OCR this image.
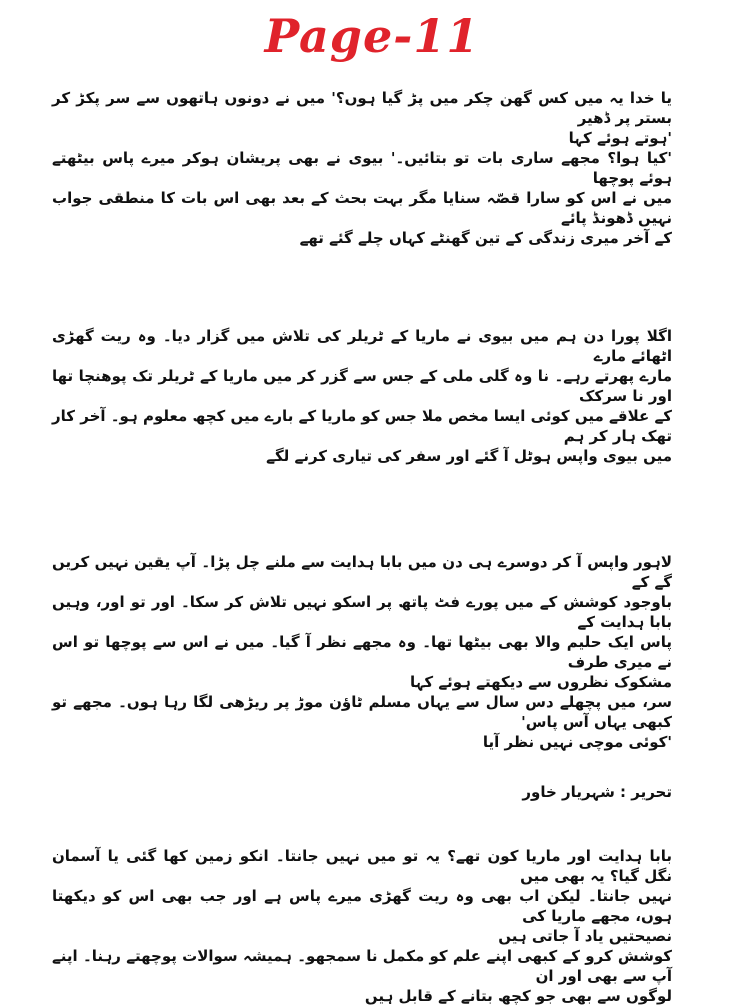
Page-11

یا خدا یہ میں کس گھن چکر میں پڑ گیا ہوں؟' میں نے دونوں ہاتھوں سے سر پکڑ کر بستر پر ڈھیر

'ہوتے ہوئے کہا

'کیا ہوا؟ مجھے ساری بات تو بتائیں۔' بیوی نے بھی پریشان ہوکر میرے پاس بیٹھتے ہوئے پوچھا

میں نے اس کو سارا قصّہ سنایا مگر بہت بحث کے بعد بھی اس بات کا منطقی جواب نہیں ڈھونڈ پائے

کے آخر میری زندگی کے تین گھنٹے کہاں چلے گئے تھے

اگلا پورا دن ہم میں بیوی نے ماریا کے ٹریلر کی تلاش میں گزار دیا۔ وہ ریت گھڑی اٹھائے مارے

مارے پھرتے رہے۔ نا وہ گلی ملی کے جس سے گزر کر میں ماریا کے ٹریلر تک پوھنچا تھا اور نا سرکک

کے علاقے میں کوئی ایسا مخص ملا جس کو ماریا کے بارے میں کچھ معلوم ہو۔ آخر کار تھک ہار کر ہم

میں بیوی واپس ہوٹل آ گئے اور سفر کی تیاری کرنے لگے

لاہور واپس آ کر دوسرے ہی دن میں بابا ہدایت سے ملنے چل پڑا۔ آپ یقین نہیں کریں گے کے

باوجود کوشش کے میں پورے فٹ پاتھ پر اسکو نہیں تلاش کر سکا۔ اور تو اور، وہیں بابا ہدایت کے

پاس ایک حلیم والا بھی بیٹھا تھا۔ وہ مجھے نظر آ گیا۔ میں نے اس سے پوچھا تو اس نے میری طرف

مشکوک نظروں سے دیکھتے ہوئے کہا

سر، میں پچھلے دس سال سے یہاں مسلم ٹاؤن موڑ پر ریڑھی لگا رہا ہوں۔ مجھے تو کبھی یہاں آس پاس'

'کوئی موچی نہیں نظر آیا

بابا ہدایت اور ماریا کون تھے؟ یہ تو میں نہیں جانتا۔ انکو زمین کھا گئی یا آسمان نگل گیا؟ یہ بھی میں

نہیں جانتا۔ لیکن اب بھی وہ ریت گھڑی میرے پاس ہے اور جب بھی اس کو دیکھتا ہوں، مجھے ماریا کی

نصیحتیں یاد آ جاتی ہیں

کوشش کرو کے کبھی اپنے علم کو مکمل نا سمجھو۔ ہمیشہ سوالات پوچھتے رہنا۔ اپنے آپ سے بھی اور ان

لوگوں سے بھی جو کچھ بتانے کے قابل ہیں

تحریر : شہریار خاور
